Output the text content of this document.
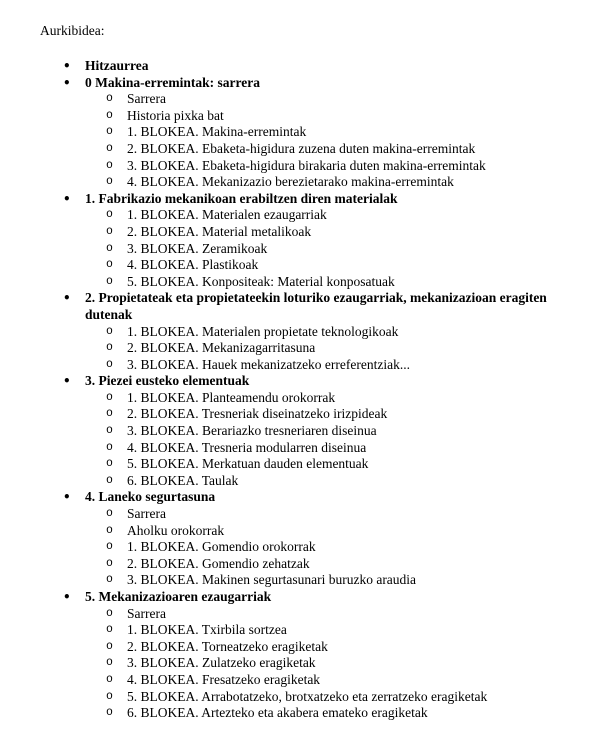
Aurkibidea:
•	Hitzaurrea
•	0 Makina-erremintak: sarrera
o	Sarrera
o	Historia pixka bat
o	1. BLOKEA. Makina-erremintak
o	2. BLOKEA. Ebaketa-higidura zuzena duten makina-erremintak
o	3. BLOKEA. Ebaketa-higidura birakaria duten makina-erremintak
o	4. BLOKEA. Mekanizazio berezietarako makina-erremintak
•	1. Fabrikazio mekanikoan erabiltzen diren materialak
o	1. BLOKEA. Materialen ezaugarriak
o	2. BLOKEA. Material metalikoak
o	3. BLOKEA. Zeramikoak
o	4. BLOKEA. Plastikoak
o	5. BLOKEA. Konpositeak: Material konposatuak
•	2. Propietateak eta propietateekin loturiko ezaugarriak, mekanizazioan eragiten dutenak
o	1. BLOKEA. Materialen propietate teknologikoak
o	2. BLOKEA. Mekanizagarritasuna
o	3. BLOKEA. Hauek mekanizatzeko erreferentziak...
•	3. Piezei eusteko elementuak
o	1. BLOKEA. Planteamendu orokorrak
o	2. BLOKEA. Tresneriak diseinatzeko irizpideak
o	3. BLOKEA. Berariazko tresneriaren diseinua
o	4. BLOKEA. Tresneria modularren diseinua
o	5. BLOKEA. Merkatuan dauden elementuak
o	6. BLOKEA. Taulak
•	4. Laneko segurtasuna
o	Sarrera
o	Aholku orokorrak
o	1. BLOKEA. Gomendio orokorrak
o	2. BLOKEA. Gomendio zehatzak
o	3. BLOKEA. Makinen segurtasunari buruzko araudia
•	5. Mekanizazioaren ezaugarriak
o	Sarrera
o	1. BLOKEA. Txirbila sortzea
o	2. BLOKEA. Torneatzeko eragiketak
o	3. BLOKEA. Zulatzeko eragiketak
o	4. BLOKEA. Fresatzeko eragiketak
o	5. BLOKEA. Arrabotatzeko, brotxatzeko eta zerratzeko eragiketak
o	6. BLOKEA. Artezteko eta akabera emateko eragiketak
